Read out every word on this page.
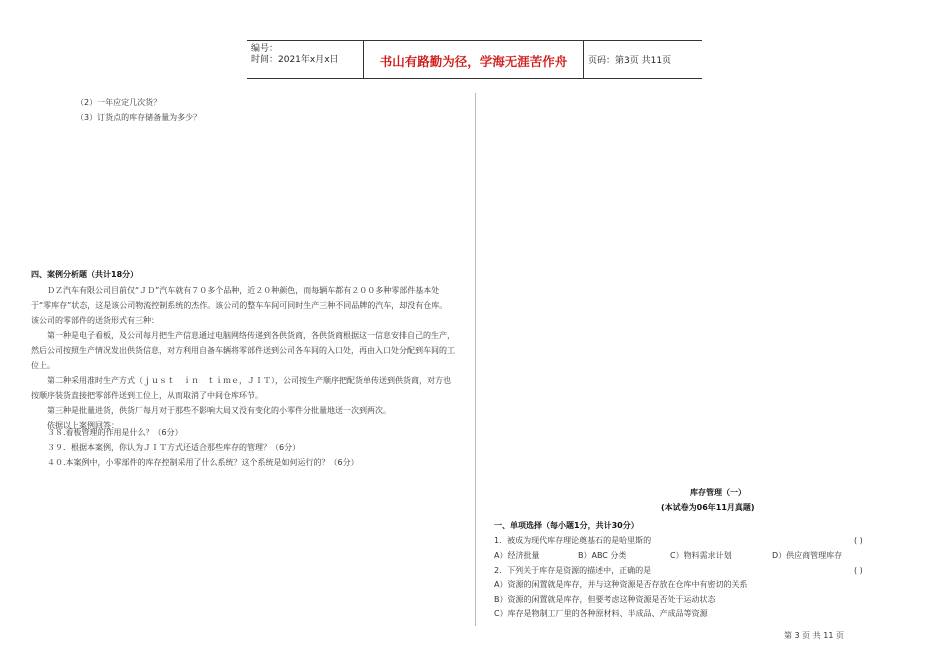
编号：
时间：2021年x月x日	书山有路勤为径，学海无涯苦作舟	页码：第3页 共11页
（2）一年应定几次货？
（3）订货点的库存储备量为多少？
四、案例分析题（共计18分）

ＤＺ汽车有限公司目前仅“ＪＤ”汽车就有７０多个品种，近２０种颜色，而每辆车都有２００多种零部件基本处于“零库存”状态，这是该公司物流控制系统的杰作。该公司的整车车间可同时生产三种不同品牌的汽车，却没有仓库。该公司的零部件的送货形式有三种：

第一种是电子看板，及公司每月把生产信息通过电脑网络传递到各供货商，各供货商根据这一信息安排自己的生产，然后公司按照生产情况发出供货信息，对方利用自备车辆将零部件送到公司各车间的入口处，再由入口处分配到车间的工位上。

第二种采用准时生产方式（ｊｕｓｔ　ｉｎ　ｔｉｍｅ，ＪＩＴ），公司按生产顺序把配货单传送到供货商，对方也按顺序装货直接把零部件送到工位上，从而取消了中间仓库环节。

第三种是批量进货，供货厂每月对于那些不影响大局又没有变化的小零件分批量地送一次到两次。

依据以上案例回答：

３８.看板管理的作用是什么？（6分）
３９．根据本案例，你认为ＪＩＴ方式还适合那些库存的管理？（6分）
４０.本案例中，小零部件的库存控制采用了什么系统？这个系统是如何运行的？（6分）
库存管理（一）
(本试卷为06年11月真题)
一、单项选择（每小题1分，共计30分）
1．被成为现代库存理论奠基石的是哈里斯的	( )
A）经济批量	B）ABC 分类	C）物料需求计划	D）供应商管理库存
2．下列关于库存是资源的描述中，正确的是	( )
A）资源的闲置就是库存，并与这种资源是否存放在仓库中有密切的关系
B）资源的闲置就是库存，但要考虑这种资源是否处于运动状态
C）库存是物制工厂里的各种原材料、半成品、产成品等资源
第 3 页 共 11 页
